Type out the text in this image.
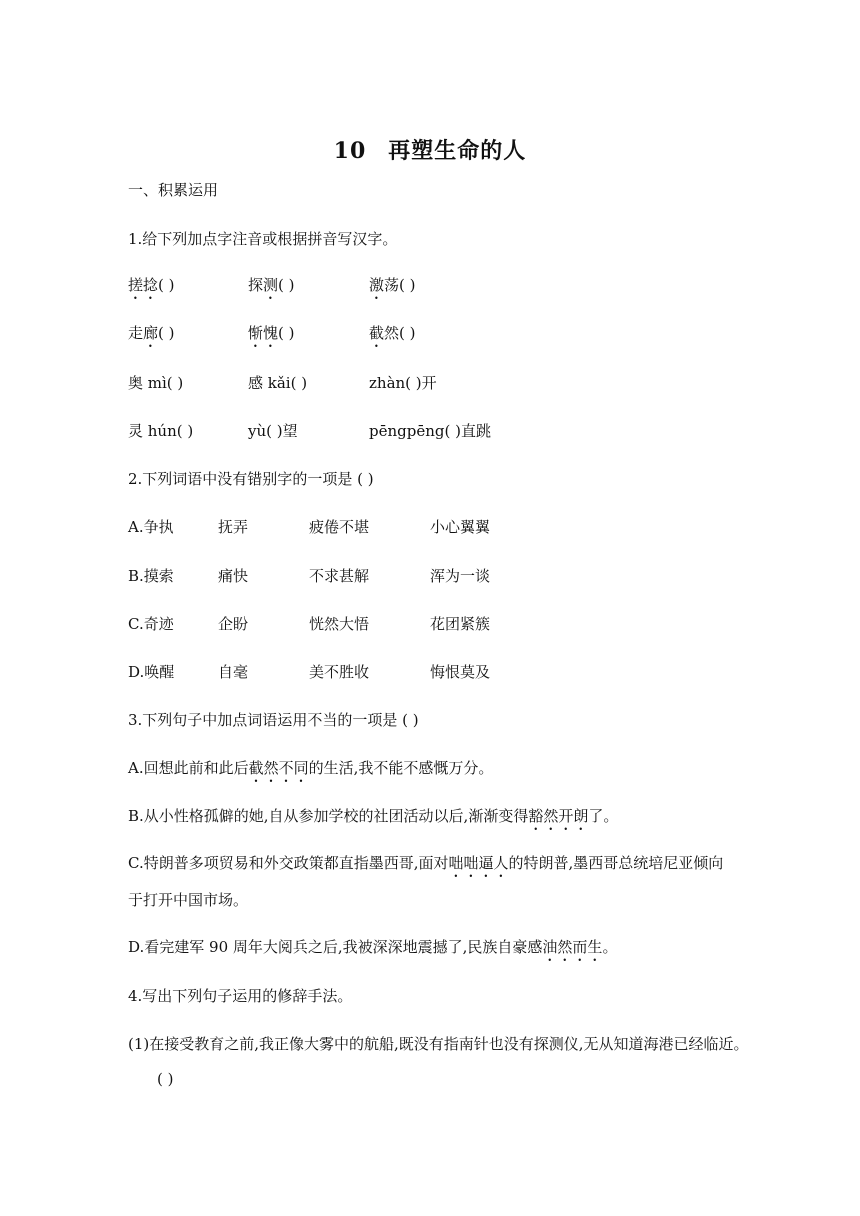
10 再塑生命的人
一、积累运用
1.给下列加点字注音或根据拼音写汉字。
搓捻( )	探测( )	激荡( )
走廊( )	惭愧( )	截然( )
奥 mì( )	感 kǎi( )	zhàn( )开
灵 hún( )	yù( )望	pēngpēng( )直跳
2.下列词语中没有错别字的一项是 ( )
A.争执	抚弄	疲倦不堪	小心翼翼
B.摸索	痛快	不求甚解	浑为一谈
C.奇迹	企盼	恍然大悟	花团紧簇
D.唤醒	自毫	美不胜收	悔恨莫及
3.下列句子中加点词语运用不当的一项是 ( )
A.回想此前和此后截然不同的生活,我不能不感慨万分。
B.从小性格孤僻的她,自从参加学校的社团活动以后,渐渐变得豁然开朗了。
C.特朗普多项贸易和外交政策都直指墨西哥,面对咄咄逼人的特朗普,墨西哥总统培尼亚倾向
于打开中国市场。
D.看完建军 90 周年大阅兵之后,我被深深地震撼了,民族自豪感油然而生。
4.写出下列句子运用的修辞手法。
(1)在接受教育之前,我正像大雾中的航船,既没有指南针也没有探测仪,无从知道海港已经临近。
( )
